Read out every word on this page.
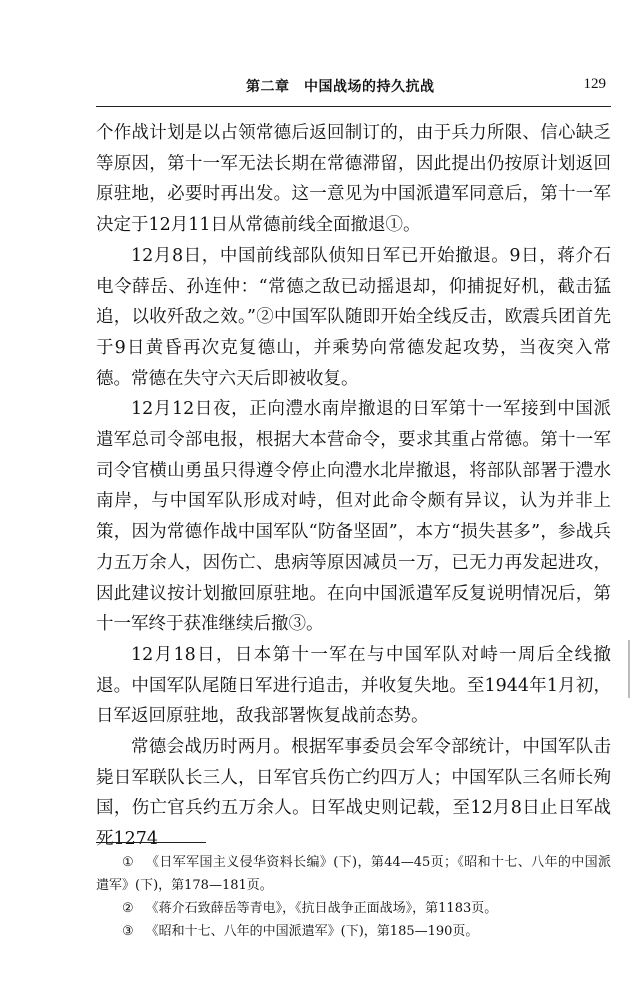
第二章　中国战场的持久抗战	129

个作战计划是以占领常德后返回制订的，由于兵力所限、信心缺乏等原因，第十一军无法长期在常德滞留，因此提出仍按原计划返回原驻地，必要时再出发。这一意见为中国派遣军同意后，第十一军决定于12月11日从常德前线全面撤退①。

12月8日，中国前线部队侦知日军已开始撤退。9日，蒋介石电令薛岳、孙连仲：“常德之敌已动摇退却，仰捕捉好机，截击猛追，以收歼敌之效。”②中国军队随即开始全线反击，欧震兵团首先于9日黄昏再次克复德山，并乘势向常德发起攻势，当夜突入常德。常德在失守六天后即被收复。

12月12日夜，正向澧水南岸撤退的日军第十一军接到中国派遣军总司令部电报，根据大本营命令，要求其重占常德。第十一军司令官横山勇虽只得遵令停止向澧水北岸撤退，将部队部署于澧水南岸，与中国军队形成对峙，但对此命令颇有异议，认为并非上策，因为常德作战中国军队“防备坚固”，本方“损失甚多”，参战兵力五万余人，因伤亡、患病等原因减员一万，已无力再发起进攻，因此建议按计划撤回原驻地。在向中国派遣军反复说明情况后，第十一军终于获准继续后撤③。

12月18日，日本第十一军在与中国军队对峙一周后全线撤退。中国军队尾随日军进行追击，并收复失地。至1944年1月初，日军返回原驻地，敌我部署恢复战前态势。

常德会战历时两月。根据军事委员会军令部统计，中国军队击毙日军联队长三人，日军官兵伤亡约四万人；中国军队三名师长殉国，伤亡官兵约五万余人。日军战史则记载，至12月8日止日军战死1274

① 《日军军国主义侵华资料长编》(下)，第44—45页；《昭和十七、八年的中国派遣军》(下)，第178—181页。

② 《蒋介石致薛岳等青电》，《抗日战争正面战场》，第1183页。

③ 《昭和十七、八年的中国派遣军》(下)，第185—190页。
